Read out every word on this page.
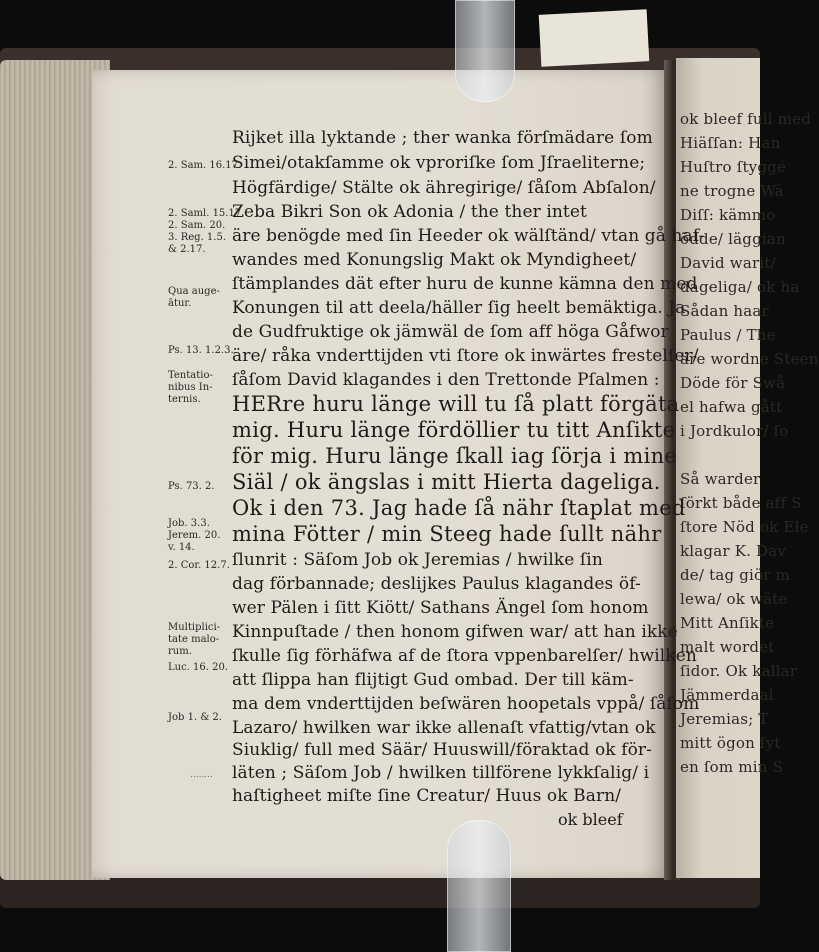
ok bleef full med
Hiäſſan: Han
Huſtro ſtyggé
ne trogne Wä
Diſſ: kämmo
ödde/ läggian
David warit/
dageliga/ ok ha
Sådan haar
Paulus / The
äre wordne Steen
Döde för Swå
el hafwa gått
i Jordkulor/ ſo
Så warder
ſörkt både aff S
ſtore Nöd ok Ele
klagar K. Dav
de/ tag giör m
lewa/ ok wäte
Mitt Anſikte
malt wordet
ſidor. Ok kallar
Jämmerdaal
Jeremias; T
mitt ögon ſyt
en ſom min S
Rijket illa lyktande ; ther wanka förſmädare ſom
Simei/otakſamme ok vproriſke ſom Jſraeliterne;
Högfärdige/ Stälte ok ähregirige/ ſåſom Abſalon/
Zeba Bikri Son ok Adonia / the ther intet
äre benögde med ſin Heeder ok wälſtänd/ vtan gå haf-
wandes med Konungslig Makt ok Myndigheet/
ſtämplandes dät efter huru de kunne kämna den med
Konungen til att deela/häller ſig heelt bemäktiga. Ja
de Gudfruktige ok jämwäl de ſom aff höga Gåfwor
äre/ råka vnderttijden vti ſtore ok inwärtes frestelſer/
ſåſom David klagandes i den Trettonde Pſalmen :
HERre huru länge will tu ſå platt förgäta
mig. Huru länge fördöllier tu titt Anſikte
för mig. Huru länge ſkall iag ſörja i mine
Siäl / ok ängslas i mitt Hierta dageliga.
Ok i den 73. Jag hade ſå nähr ſtaplat med
mina Fötter / min Steeg hade ſullt nähr
ſlunrit : Säſom Job ok Jeremias / hwilke ſin
dag förbannade; deslijkes Paulus klagandes öf-
wer Pälen i ſitt Kiött/ Sathans Ängel ſom honom
Kinnpuſtade / then honom gifwen war/ att han ikke
ſkulle ſig förhäfwa af de ſtora vppenbarelſer/ hwilken
att ſlippa han flijtigt Gud ombad. Der till käm-
ma dem vnderttijden beſwären hoopetals vppå/ ſåſom
Lazaro/ hwilken war ikke allenaſt vfattig/vtan ok
Siuklig/ full med Säär/ Huuswill/föraktad ok för-
läten ; Säſom Job / hwilken tillförene lykkſalig/ i
haſtigheet miſte ſine Creatur/ Huus ok Barn/
ok bleef
2. Sam. 16.17.
2. Saml. 15.17.
2. Sam. 20.
3. Reg. 1.5.
& 2.17.
Qua auge-
ātur.
Ps. 13. 1.2.3.
Tentatio-
nibus In-
ternis.
Ps. 73. 2.
Job. 3.3.
Jerem. 20.
v. 14.
2. Cor. 12.7.
Multiplici-
tate malo-
rum.
Luc. 16. 20.
Job 1. & 2.
........
